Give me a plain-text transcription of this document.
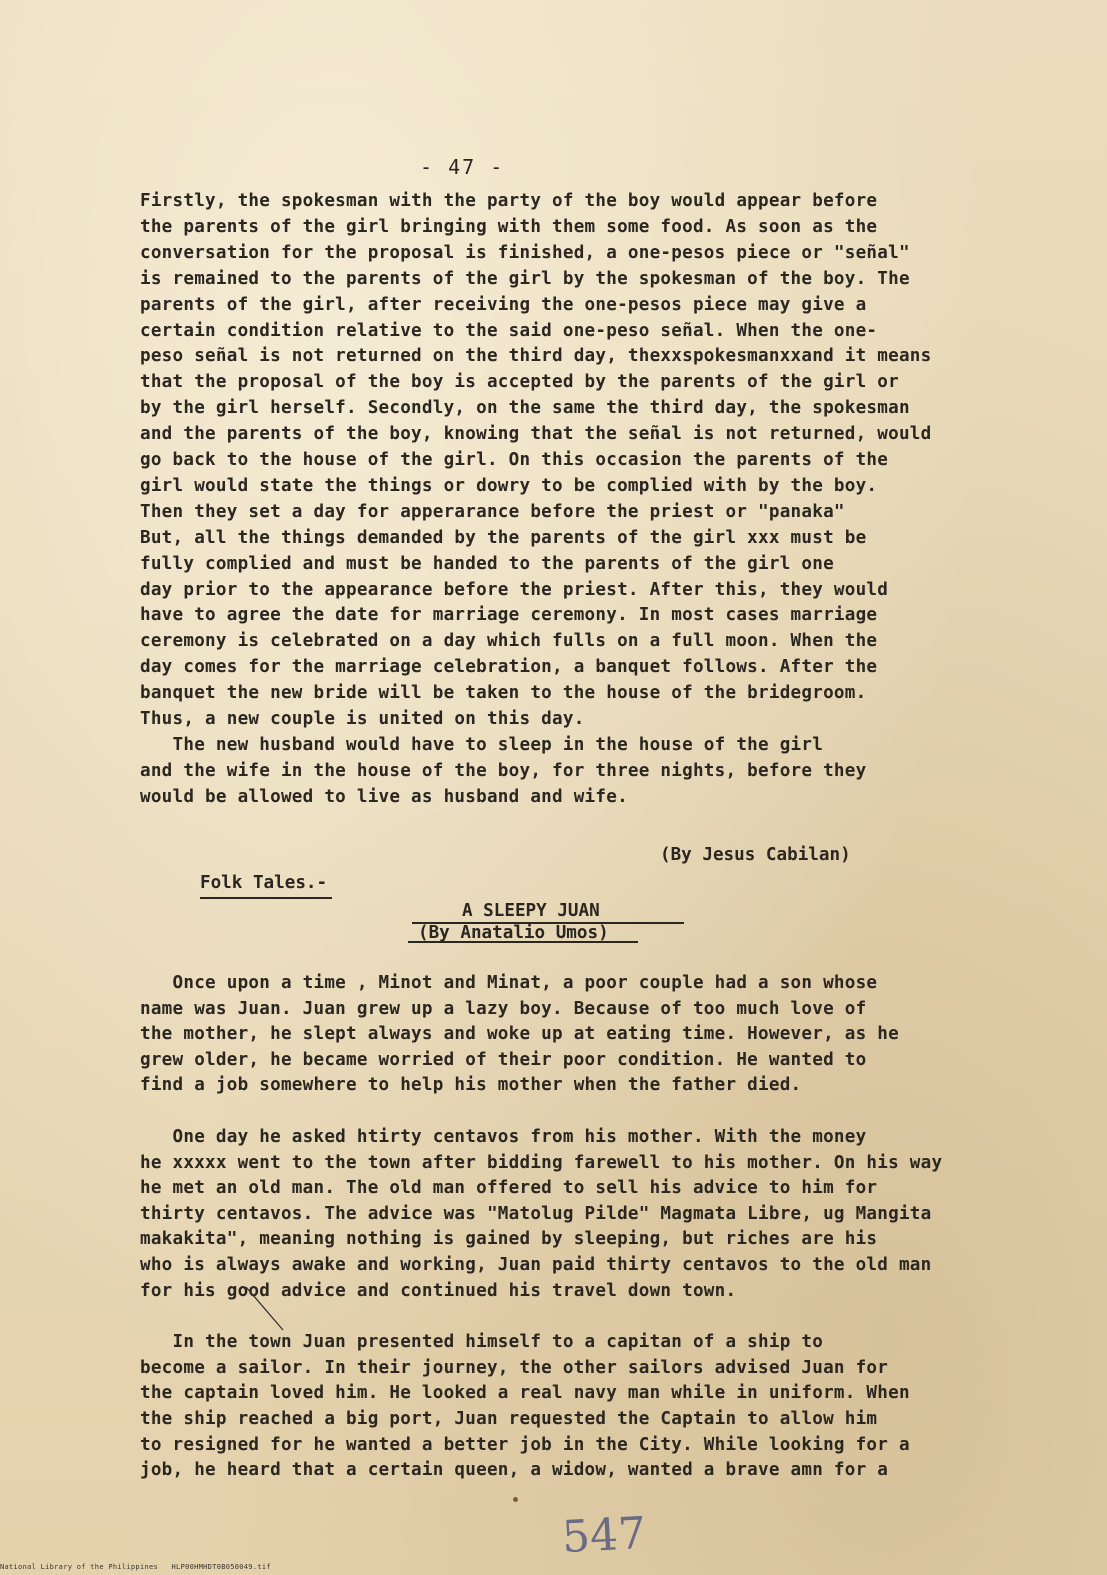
- 47 -
Firstly, the spokesman with the party of the boy would appear before
the parents of the girl bringing with them some food. As soon as the
conversation for the proposal is finished, a one-pesos piece or "señal"
is remained to the parents of the girl by the spokesman of the boy. The
parents of the girl, after receiving the one-pesos piece may give a
certain condition relative to the said one-peso señal. When the one-
peso señal is not returned on the third day, thexxspokesmanxxand it means
that the proposal of the boy is accepted by the parents of the girl or
by the girl herself. Secondly, on the same the third day, the spokesman
and the parents of the boy, knowing that the señal is not returned, would
go back to the house of the girl. On this occasion the parents of the
girl would state the things or dowry to be complied with by the boy.
Then they set a day for apperarance before the priest or "panaka"
But, all the things demanded by the parents of the girl xxx must be
fully complied and must be handed to the parents of the girl one
day prior to the appearance before the priest. After this, they would
have to agree the date for marriage ceremony. In most cases marriage
ceremony is celebrated on a day which fulls on a full moon. When the
day comes for the marriage celebration, a banquet follows. After the
banquet the new bride will be taken to the house of the bridegroom.
Thus, a new couple is united on this day.
The new husband would have to sleep in the house of the girl
and the wife in the house of the boy, for three nights, before they
would be allowed to live as husband and wife.
(By Jesus Cabilan)
Folk Tales.-
A SLEEPY JUAN
(By Anatalio Umos)
Once upon a time , Minot and Minat, a poor couple had a son whose
name was Juan. Juan grew up a lazy boy. Because of too much love of
the mother, he slept always and woke up at eating time. However, as he
grew older, he became worried of their poor condition. He wanted to
find a job somewhere to help his mother when the father died.
One day he asked htirty centavos from his mother. With the money
he xxxxx went to the town after bidding farewell to his mother. On his way
he met an old man. The old man offered to sell his advice to him for
thirty centavos. The advice was "Matolug Pilde" Magmata Libre, ug Mangita
makakita", meaning nothing is gained by sleeping, but riches are his
who is always awake and working, Juan paid thirty centavos to the old man
for his good advice and continued his travel down town.
In the town Juan presented himself to a capitan of a ship to
become a sailor. In their journey, the other sailors advised Juan for
the captain loved him. He looked a real navy man while in uniform. When
the ship reached a big port, Juan requested the Captain to allow him
to resigned for he wanted a better job in the City. While looking for a
job, he heard that a certain queen, a widow, wanted a brave amn for a
547
National Library of the Philippines   HLP00HMHDT0B050049.tif
